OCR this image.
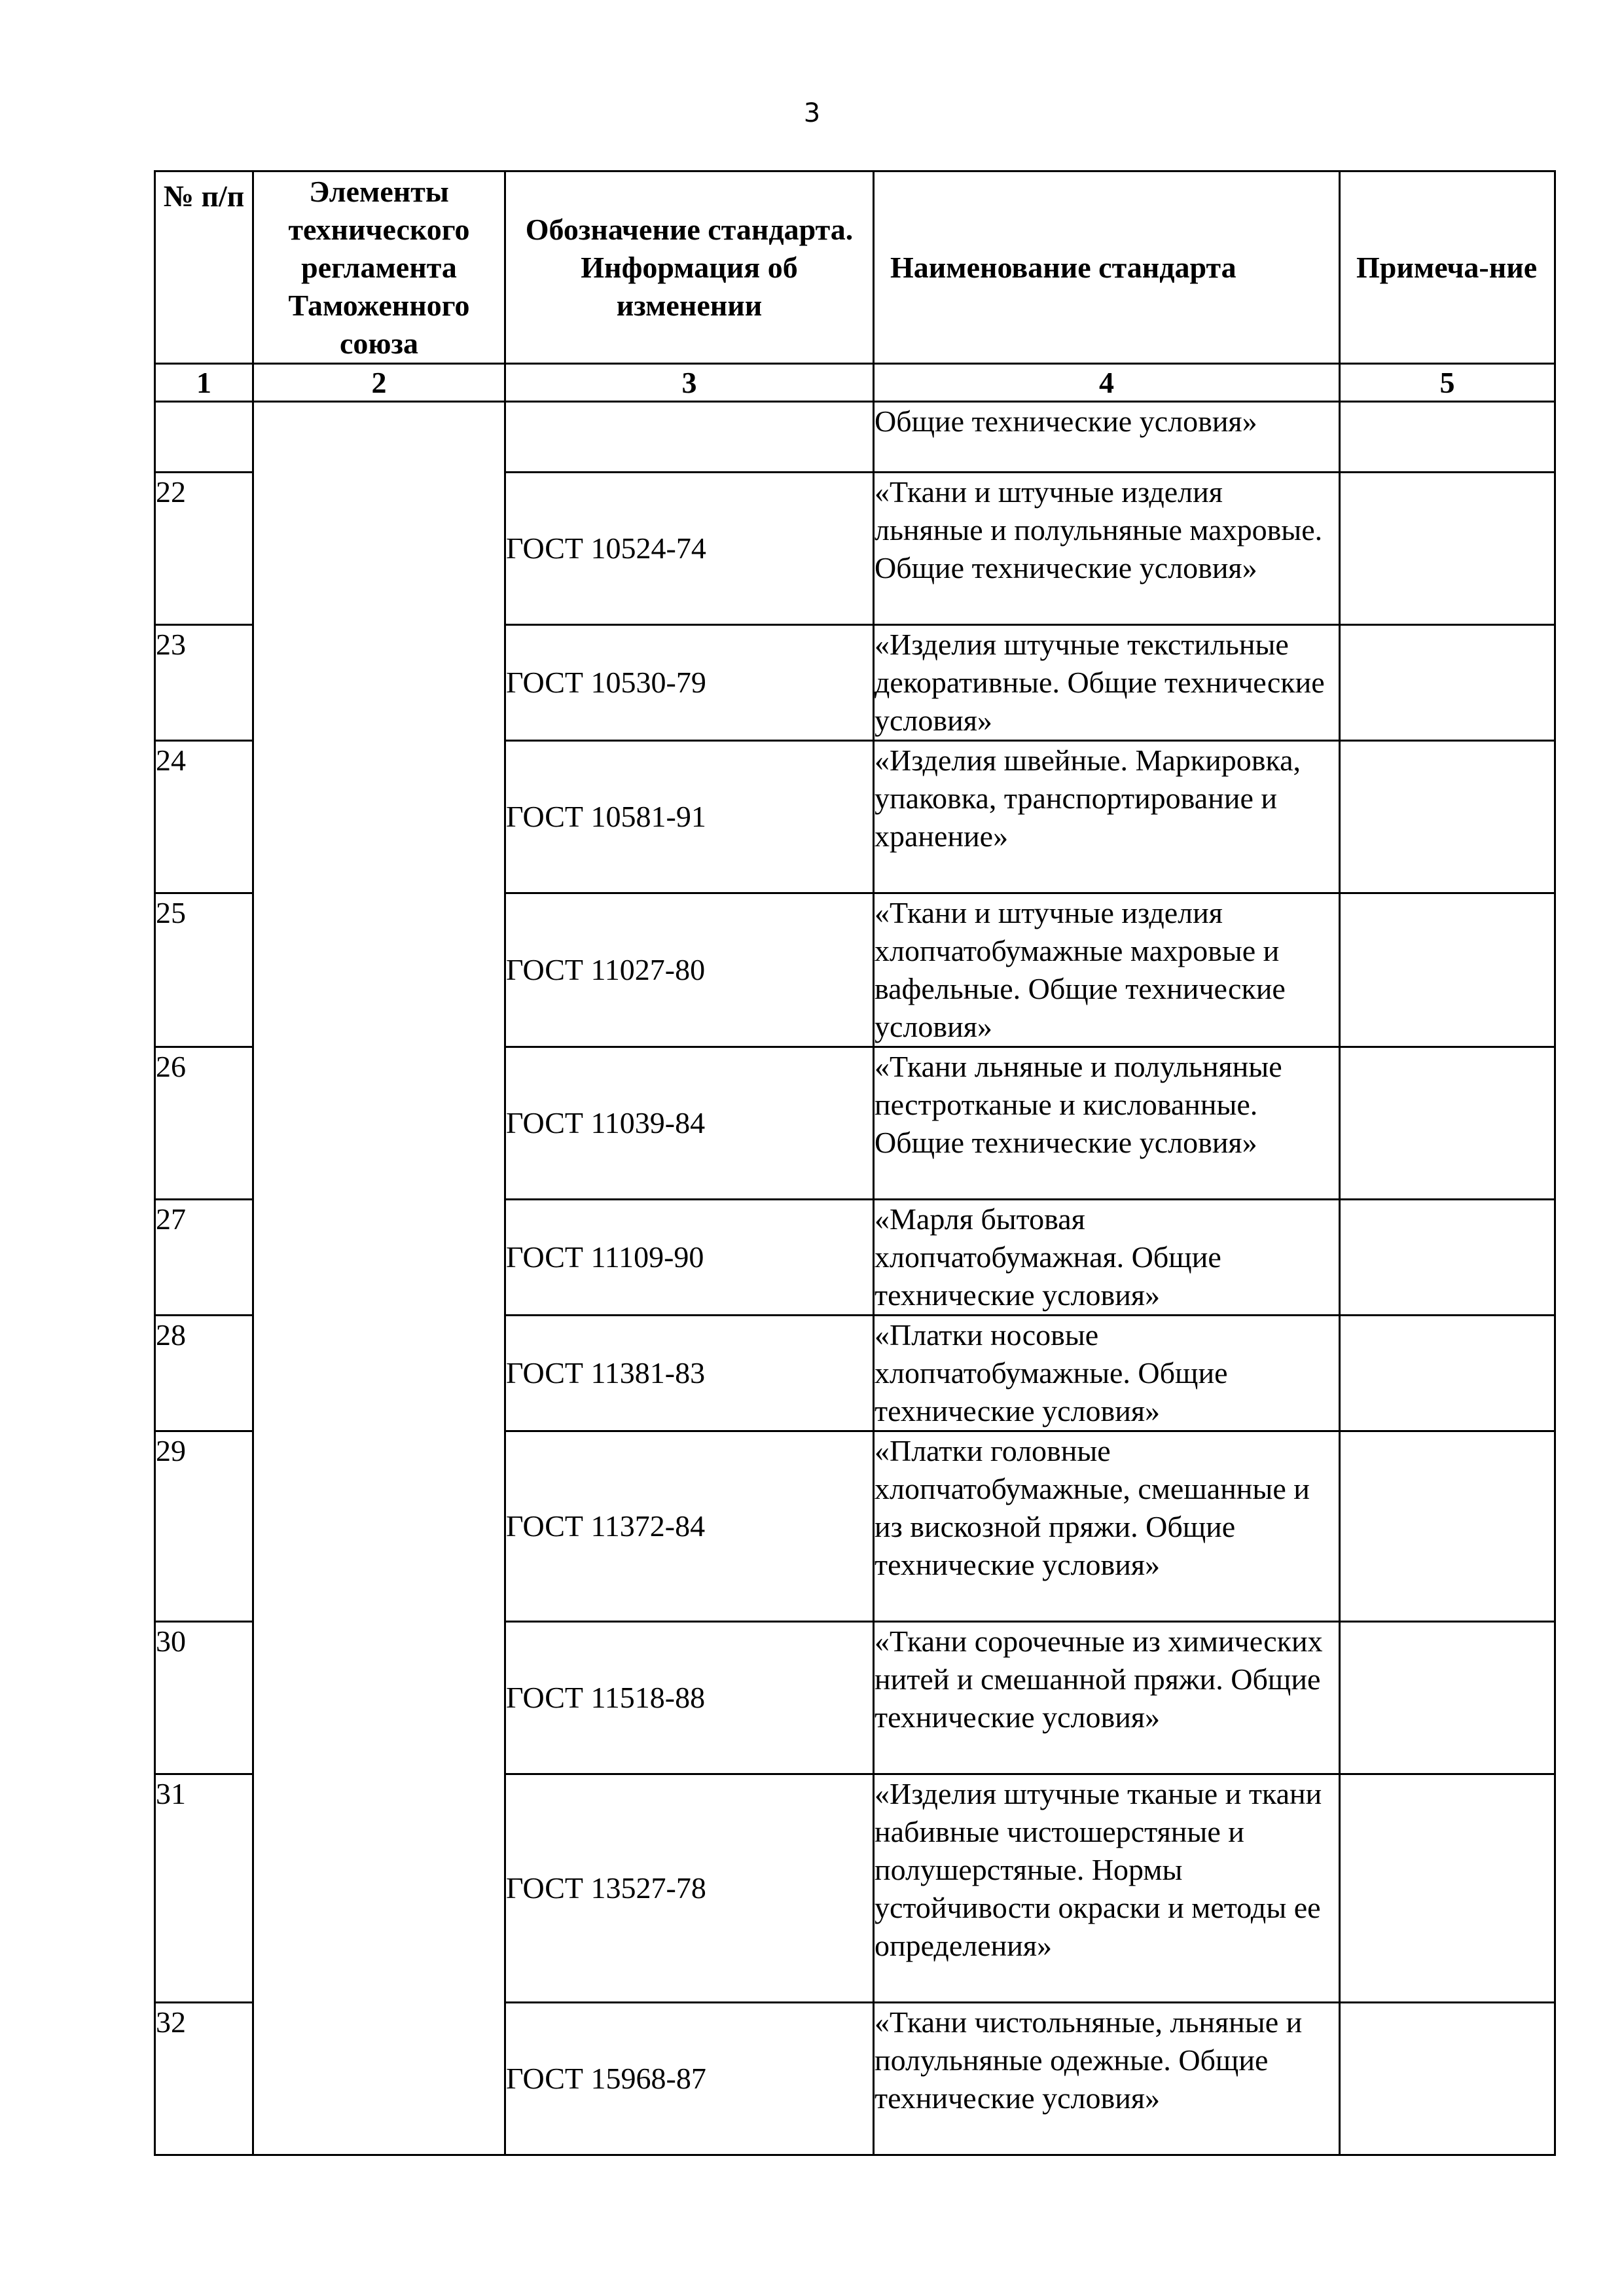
3
№ п/п	Элементы технического регламента Таможенного союза	Обозначение стандарта. Информация об изменении	Наименование стандарта	Примеча-ние
1	2	3	4	5
			Общие технические условия»	
22		ГОСТ 10524-74	«Ткани и штучные изделия льняные и полульняные махровые. Общие технические условия»	
23		ГОСТ 10530-79	«Изделия штучные текстильные декоративные. Общие технические условия»	
24		ГОСТ 10581-91	«Изделия швейные. Маркировка, упаковка, транспортирование и хранение»	
25		ГОСТ 11027-80	«Ткани и штучные изделия хлопчатобумажные махровые и вафельные. Общие технические условия»	
26		ГОСТ 11039-84	«Ткани льняные и полульняные пестротканые и кислованные. Общие технические условия»	
27		ГОСТ 11109-90	«Марля бытовая хлопчатобумажная. Общие технические условия»	
28		ГОСТ 11381-83	«Платки носовые хлопчатобумажные. Общие технические условия»	
29		ГОСТ 11372-84	«Платки головные хлопчатобумажные, смешанные и из вискозной пряжи. Общие технические условия»	
30		ГОСТ 11518-88	«Ткани сорочечные из химических нитей и смешанной пряжи. Общие технические условия»	
31		ГОСТ 13527-78	«Изделия штучные тканые и ткани набивные чистошерстяные и полушерстяные. Нормы устойчивости окраски и методы ее определения»	
32		ГОСТ 15968-87	«Ткани чистольняные, льняные и полульняные одежные. Общие технические условия»	
